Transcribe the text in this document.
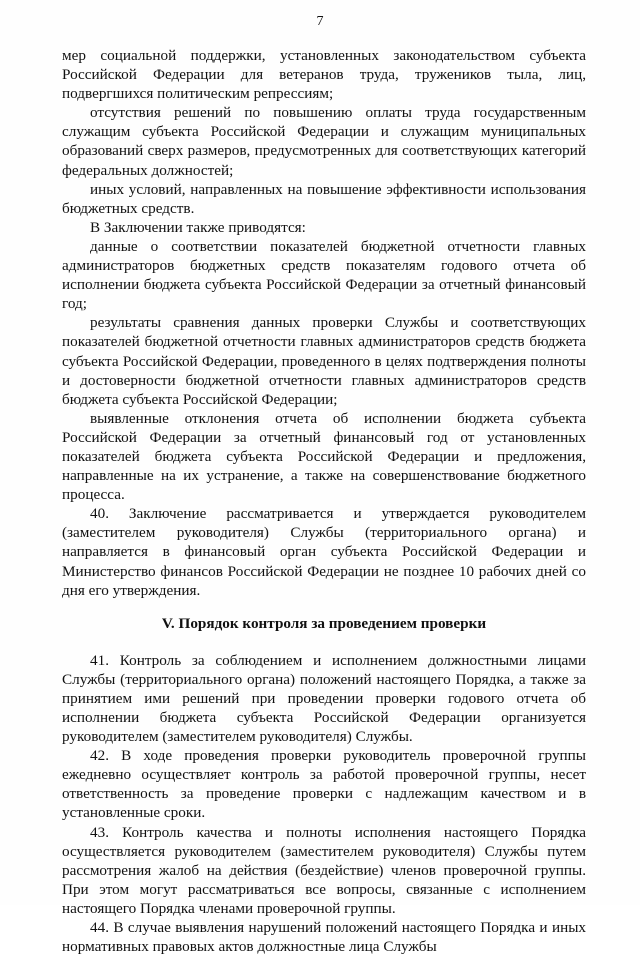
7

мер социальной поддержки, установленных законодательством субъекта Российской Федерации для ветеранов труда, тружеников тыла, лиц, подвергшихся политическим репрессиям;

отсутствия решений по повышению оплаты труда государственным служащим субъекта Российской Федерации и служащим муниципальных образований сверх размеров, предусмотренных для соответствующих категорий федеральных должностей;

иных условий, направленных на повышение эффективности использования бюджетных средств.

В Заключении также приводятся:

данные о соответствии показателей бюджетной отчетности главных администраторов бюджетных средств показателям годового отчета об исполнении бюджета субъекта Российской Федерации за отчетный финансовый год;

результаты сравнения данных проверки Службы и соответствующих показателей бюджетной отчетности главных администраторов средств бюджета субъекта Российской Федерации, проведенного в целях подтверждения полноты и достоверности бюджетной отчетности главных администраторов средств бюджета субъекта Российской Федерации;

выявленные отклонения отчета об исполнении бюджета субъекта Российской Федерации за отчетный финансовый год от установленных показателей бюджета субъекта Российской Федерации и предложения, направленные на их устранение, а также на совершенствование бюджетного процесса.

40. Заключение рассматривается и утверждается руководителем (заместителем руководителя) Службы (территориального органа) и направляется в финансовый орган субъекта Российской Федерации и Министерство финансов Российской Федерации не позднее 10 рабочих дней со дня его утверждения.

V. Порядок контроля за проведением проверки

41. Контроль за соблюдением и исполнением должностными лицами Службы (территориального органа) положений настоящего Порядка, а также за принятием ими решений при проведении проверки годового отчета об исполнении бюджета субъекта Российской Федерации организуется руководителем (заместителем руководителя) Службы.

42. В ходе проведения проверки руководитель проверочной группы ежедневно осуществляет контроль за работой проверочной группы, несет ответственность за проведение проверки с надлежащим качеством и в установленные сроки.

43. Контроль качества и полноты исполнения настоящего Порядка осуществляется руководителем (заместителем руководителя) Службы путем рассмотрения жалоб на действия (бездействие) членов проверочной группы. При этом могут рассматриваться все вопросы, связанные с исполнением настоящего Порядка членами проверочной группы.

44. В случае выявления нарушений положений настоящего Порядка и иных нормативных правовых актов должностные лица Службы
